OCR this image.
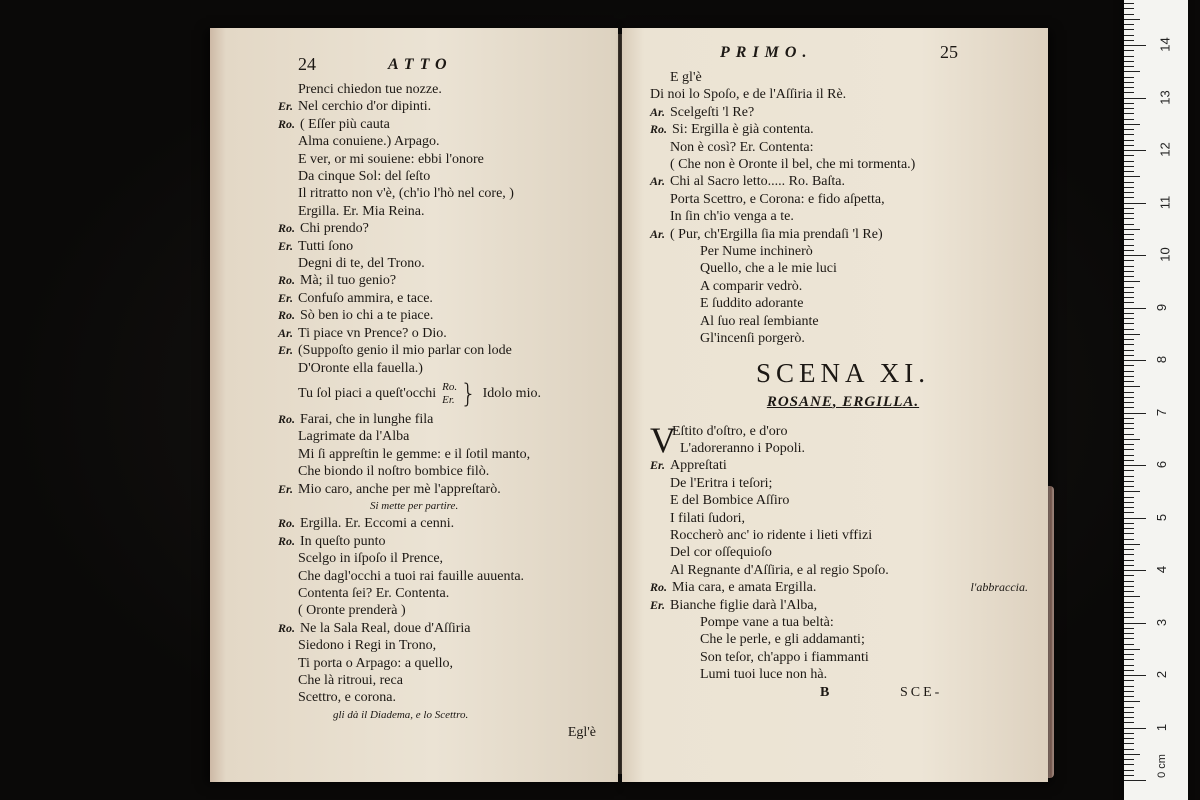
24	ATTO
Prenci chiedon tue nozze.
Er. Nel cerchio d'or dipinti.
Ro. ( Eſſer più cauta
Alma conuiene.) Arpago.
E ver, or mi souiene: ebbi l'onore
Da cinque Sol: del ſeſto
Il ritratto non v'è, (ch'io l'hò nel core, )
Ergilla. Er. Mia Reina.
Ro. Chi prendo?
Er. Tutti ſono
Degni di te, del Trono.
Ro. Mà; il tuo genio?
Er. Confuſo ammira, e tace.
Ro. Sò ben io chi a te piace.
Ar. Ti piace vn Prence? o Dio.
Er. (Suppoſto genio il mio parlar con lode
D'Oronte ella fauella.)
Tu ſol piaci a queſt'occhi Ro.
Er. } Idolo mio.
Ro. Farai, che in lunghe fila
Lagrimate da l'Alba
Mi ſi appreſtin le gemme: e il ſotil manto,
Che biondo il noſtro bombice filò.
Er. Mio caro, anche per mè l'appreſtarò.
Si mette per partire.
Ro. Ergilla. Er. Eccomi a cenni.
Ro. In queſto punto
Scelgo in iſpoſo il Prence,
Che dagl'occhi a tuoi rai fauille auuenta.
Contenta ſei? Er. Contenta.
( Oronte prenderà )
Ro. Ne la Sala Real, doue d'Aſſiria
Siedono i Regi in Trono,
Ti porta o Arpago: a quello,
Che là ritroui, reca
Scettro, e corona.
gli dà il Diadema, e lo Scettro.
Egl'è
PRIMO.	25
E gl'è
Di noi lo Spoſo, e de l'Aſſiria il Rè.
Ar. Scelgeſti 'l Re?
Ro. Si: Ergilla è già contenta.
Non è così? Er. Contenta:
( Che non è Oronte il bel, che mi tormenta.)
Ar. Chi al Sacro letto..... Ro. Baſta.
Porta Scettro, e Corona: e fido aſpetta,
In ſin ch'io venga a te.
Ar. ( Pur, ch'Ergilla ſia mia prendaſi 'l Re)
Per Nume inchinerò
Quello, che a le mie luci
A comparir vedrò.
E ſuddito adorante
Al ſuo real ſembiante
Gl'incenſi porgerò.
SCENA XI.
ROSANE, ERGILLA.
V
Eſtito d'oſtro, e d'oro
L'adoreranno i Popoli.
Er. Appreſtati
De l'Eritra i teſori;
E del Bombice Aſſiro
I filati ſudori,
Roccherò anc' io ridente i lieti vffizi
Del cor oſſequioſo
Al Regnante d'Aſſiria, e al regio Spoſo.
Ro. Mia cara, e amata Ergilla.	l'abbraccia.
Er. Bianche figlie darà l'Alba,
Pompe vane a tua beltà:
Che le perle, e gli addamanti;
Son teſor, ch'appo i fiammanti
Lumi tuoi luce non hà.
B	SCE-
0 cm
14
13
12
11
10
9
8
7
6
5
4
3
2
1
